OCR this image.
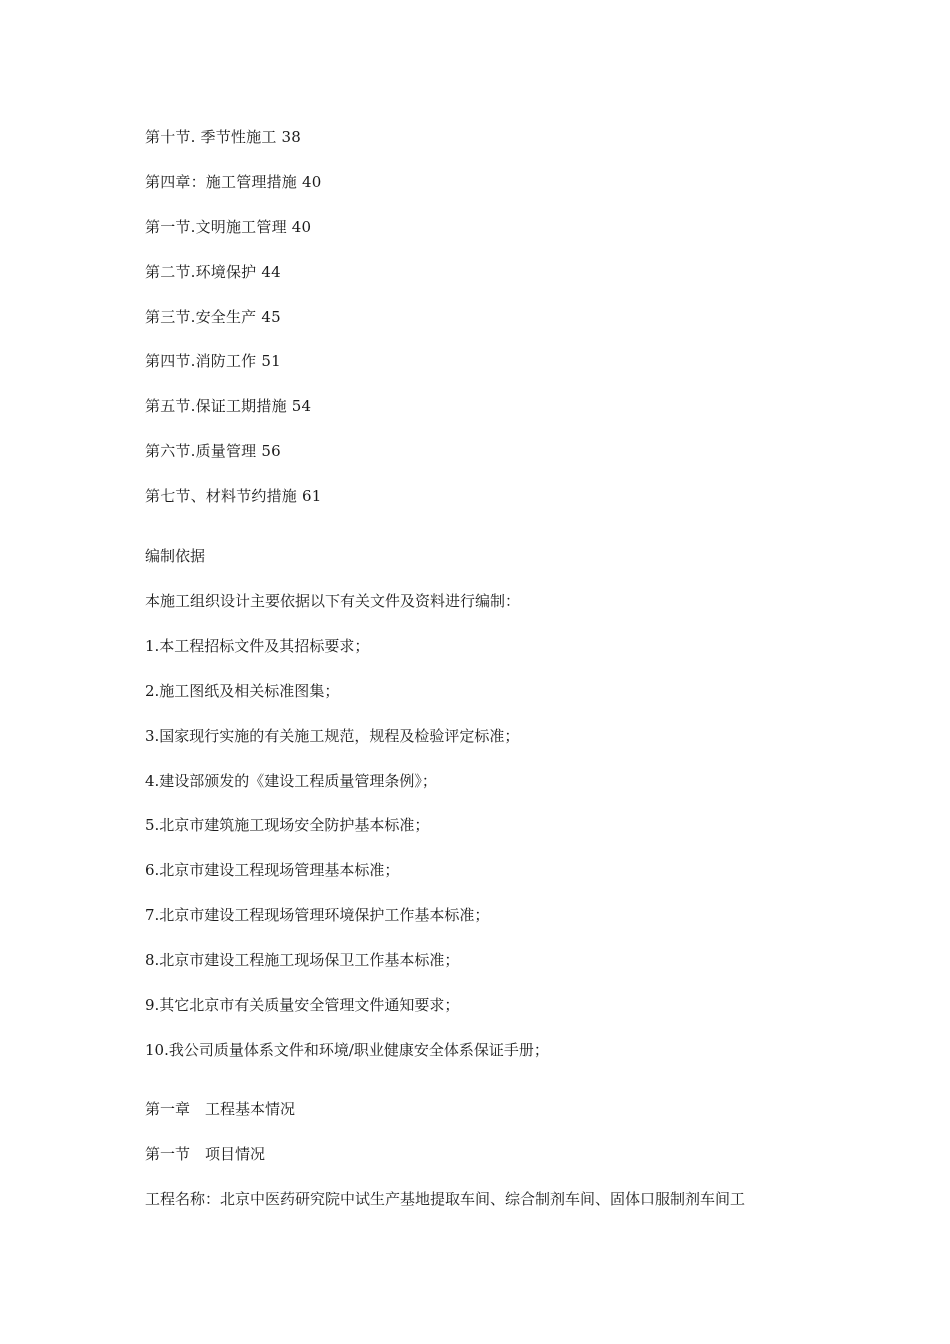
第十节. 季节性施工 38

第四章：施工管理措施 40

第一节.文明施工管理 40

第二节.环境保护 44

第三节.安全生产 45

第四节.消防工作 51

第五节.保证工期措施 54

第六节.质量管理 56

第七节、材料节约措施 61

编制依据

本施工组织设计主要依据以下有关文件及资料进行编制：

1.本工程招标文件及其招标要求；

2.施工图纸及相关标准图集；

3.国家现行实施的有关施工规范，规程及检验评定标准；

4.建设部颁发的《建设工程质量管理条例》；

5.北京市建筑施工现场安全防护基本标准；

6.北京市建设工程现场管理基本标准；

7.北京市建设工程现场管理环境保护工作基本标准；

8.北京市建设工程施工现场保卫工作基本标准；

9.其它北京市有关质量安全管理文件通知要求；

10.我公司质量体系文件和环境/职业健康安全体系保证手册；

第一章　工程基本情况

第一节　项目情况

工程名称：北京中医药研究院中试生产基地提取车间、综合制剂车间、固体口服制剂车间工
